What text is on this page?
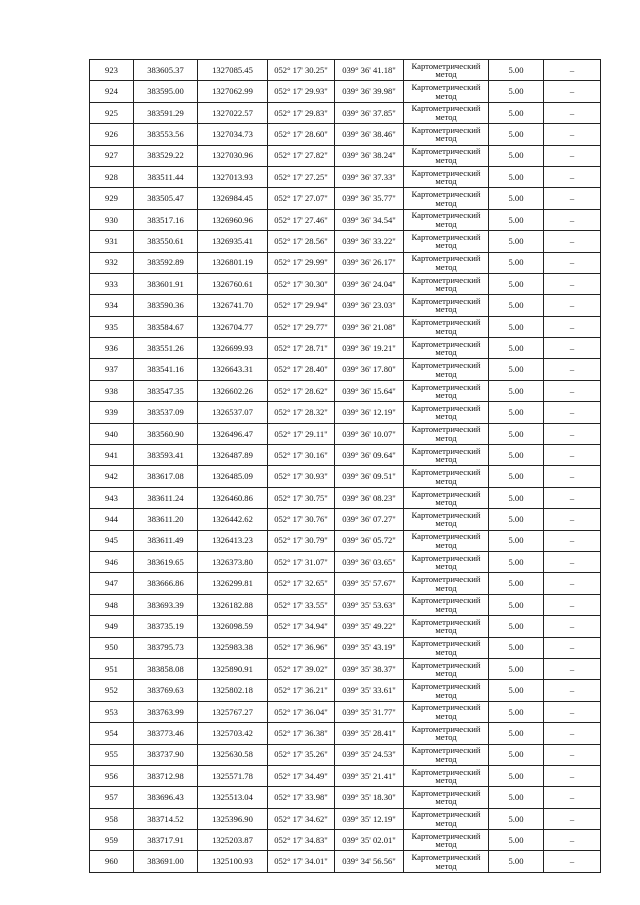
923	383605.37	1327085.45	052° 17' 30.25"	039° 36' 41.18"	Картометрический метод	5.00	–
924	383595.00	1327062.99	052° 17' 29.93"	039° 36' 39.98"	Картометрический метод	5.00	–
925	383591.29	1327022.57	052° 17' 29.83"	039° 36' 37.85"	Картометрический метод	5.00	–
926	383553.56	1327034.73	052° 17' 28.60"	039° 36' 38.46"	Картометрический метод	5.00	–
927	383529.22	1327030.96	052° 17' 27.82"	039° 36' 38.24"	Картометрический метод	5.00	–
928	383511.44	1327013.93	052° 17' 27.25"	039° 36' 37.33"	Картометрический метод	5.00	–
929	383505.47	1326984.45	052° 17' 27.07"	039° 36' 35.77"	Картометрический метод	5.00	–
930	383517.16	1326960.96	052° 17' 27.46"	039° 36' 34.54"	Картометрический метод	5.00	–
931	383550.61	1326935.41	052° 17' 28.56"	039° 36' 33.22"	Картометрический метод	5.00	–
932	383592.89	1326801.19	052° 17' 29.99"	039° 36' 26.17"	Картометрический метод	5.00	–
933	383601.91	1326760.61	052° 17' 30.30"	039° 36' 24.04"	Картометрический метод	5.00	–
934	383590.36	1326741.70	052° 17' 29.94"	039° 36' 23.03"	Картометрический метод	5.00	–
935	383584.67	1326704.77	052° 17' 29.77"	039° 36' 21.08"	Картометрический метод	5.00	–
936	383551.26	1326699.93	052° 17' 28.71"	039° 36' 19.21"	Картометрический метод	5.00	–
937	383541.16	1326643.31	052° 17' 28.40"	039° 36' 17.80"	Картометрический метод	5.00	–
938	383547.35	1326602.26	052° 17' 28.62"	039° 36' 15.64"	Картометрический метод	5.00	–
939	383537.09	1326537.07	052° 17' 28.32"	039° 36' 12.19"	Картометрический метод	5.00	–
940	383560.90	1326496.47	052° 17' 29.11"	039° 36' 10.07"	Картометрический метод	5.00	–
941	383593.41	1326487.89	052° 17' 30.16"	039° 36' 09.64"	Картометрический метод	5.00	–
942	383617.08	1326485.09	052° 17' 30.93"	039° 36' 09.51"	Картометрический метод	5.00	–
943	383611.24	1326460.86	052° 17' 30.75"	039° 36' 08.23"	Картометрический метод	5.00	–
944	383611.20	1326442.62	052° 17' 30.76"	039° 36' 07.27"	Картометрический метод	5.00	–
945	383611.49	1326413.23	052° 17' 30.79"	039° 36' 05.72"	Картометрический метод	5.00	–
946	383619.65	1326373.80	052° 17' 31.07"	039° 36' 03.65"	Картометрический метод	5.00	–
947	383666.86	1326299.81	052° 17' 32.65"	039° 35' 57.67"	Картометрический метод	5.00	–
948	383693.39	1326182.88	052° 17' 33.55"	039° 35' 53.63"	Картометрический метод	5.00	–
949	383735.19	1326098.59	052° 17' 34.94"	039° 35' 49.22"	Картометрический метод	5.00	–
950	383795.73	1325983.38	052° 17' 36.96"	039° 35' 43.19"	Картометрический метод	5.00	–
951	383858.08	1325890.91	052° 17' 39.02"	039° 35' 38.37"	Картометрический метод	5.00	–
952	383769.63	1325802.18	052° 17' 36.21"	039° 35' 33.61"	Картометрический метод	5.00	–
953	383763.99	1325767.27	052° 17' 36.04"	039° 35' 31.77"	Картометрический метод	5.00	–
954	383773.46	1325703.42	052° 17' 36.38"	039° 35' 28.41"	Картометрический метод	5.00	–
955	383737.90	1325630.58	052° 17' 35.26"	039° 35' 24.53"	Картометрический метод	5.00	–
956	383712.98	1325571.78	052° 17' 34.49"	039° 35' 21.41"	Картометрический метод	5.00	–
957	383696.43	1325513.04	052° 17' 33.98"	039° 35' 18.30"	Картометрический метод	5.00	–
958	383714.52	1325396.90	052° 17' 34.62"	039° 35' 12.19"	Картометрический метод	5.00	–
959	383717.91	1325203.87	052° 17' 34.83"	039° 35' 02.01"	Картометрический метод	5.00	–
960	383691.00	1325100.93	052° 17' 34.01"	039° 34' 56.56"	Картометрический метод	5.00	–
